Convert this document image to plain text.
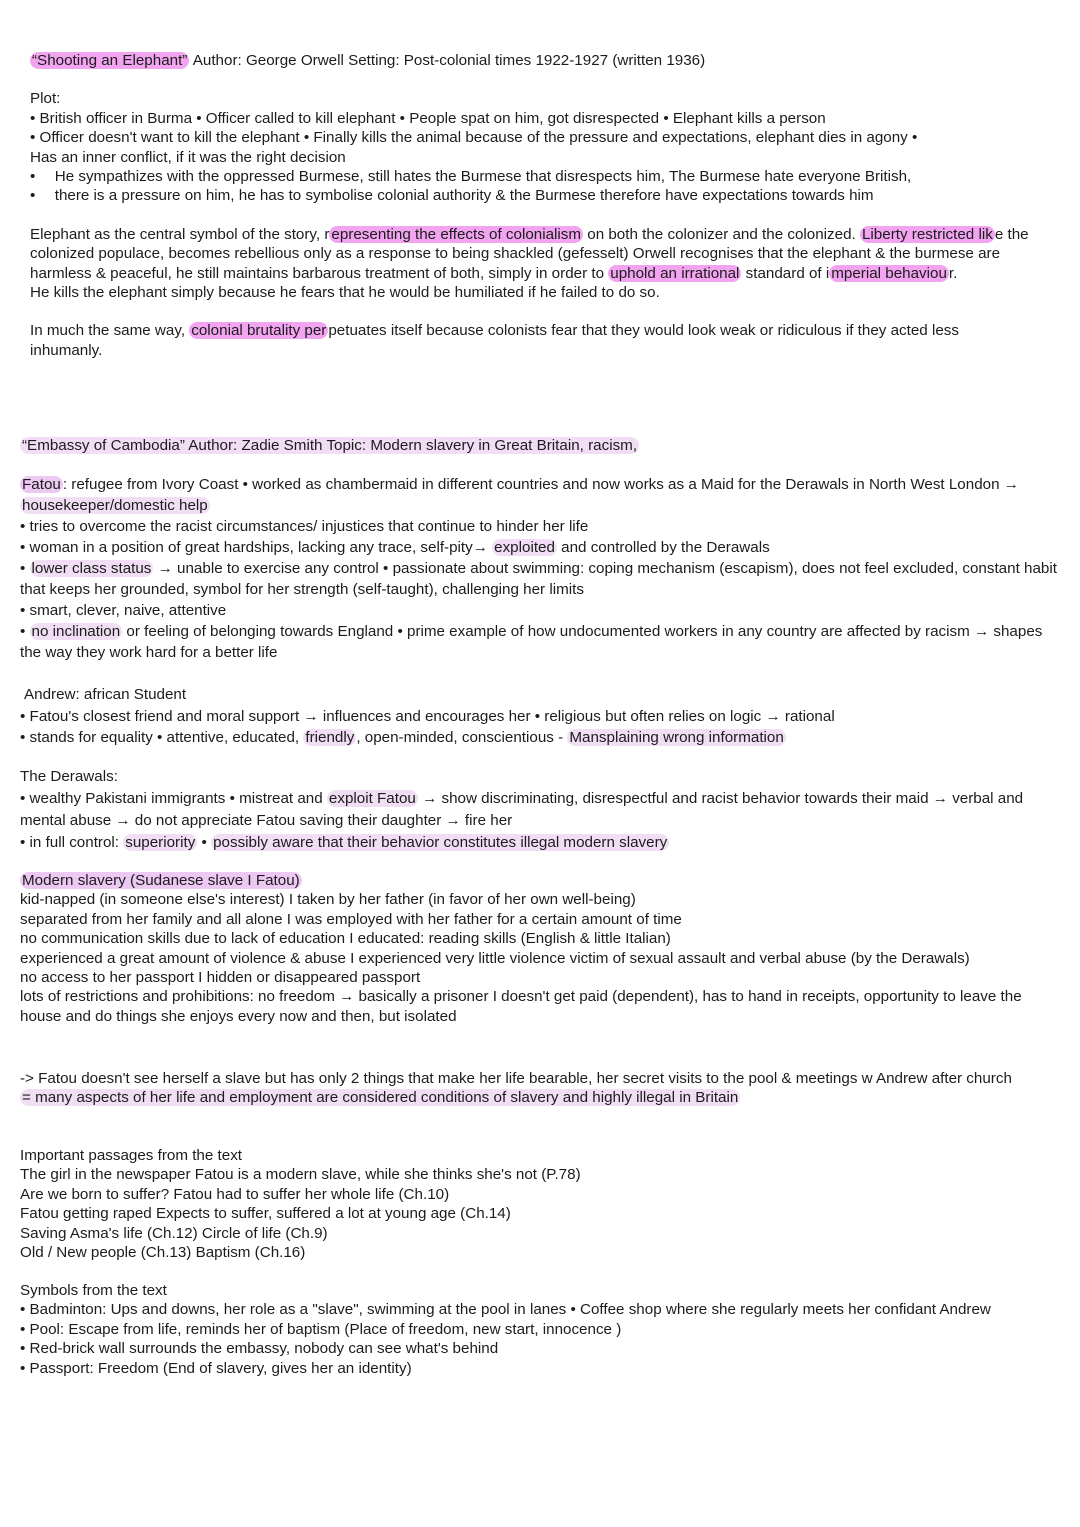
“Shooting an Elephant” Author: George Orwell Setting: Post-colonial times 1922-1927 (written 1936)

Plot:

• British officer in Burma • Officer called to kill elephant • People spat on him, got disrespected • Elephant kills a person

• Officer doesn't want to kill the elephant • Finally kills the animal because of the pressure and expectations, elephant dies in agony •

Has an inner conflict, if it was the right decision

•  He sympathizes with the oppressed Burmese, still hates the Burmese that disrespects him, The Burmese hate everyone British,

•  there is a pressure on him, he has to symbolise colonial authority & the Burmese therefore have expectations towards him

Elephant as the central symbol of the story, r epresenting the effects of colonialism on both the colonizer and the colonized. Liberty restricted lik e the colonized populace, becomes rebellious only as a response to being shackled (gefesselt) Orwell recognises that the elephant & the burmese are harmless & peaceful, he still maintains barbarous treatment of both, simply in order to uphold an irrational standard of i mperial behaviou r.

He kills the elephant simply because he fears that he would be humiliated if he failed to do so.

In much the same way, colonial brutality per petuates itself because colonists fear that they would look weak or ridiculous if they acted less inhumanly.

“Embassy of Cambodia” Author: Zadie Smith Topic: Modern slavery in Great Britain, racism,

Fatou : refugee from Ivory Coast • worked as chambermaid in different countries and now works as a Maid for the Derawals in North West London → housekeeper/domestic help

• tries to overcome the racist circumstances/ injustices that continue to hinder her life

• woman in a position of great hardships, lacking any trace, self-pity→ exploited and controlled by the Derawals

• lower class status → unable to exercise any control • passionate about swimming: coping mechanism (escapism), does not feel excluded, constant habit that keeps her grounded, symbol for her strength (self-taught), challenging her limits

• smart, clever, naive, attentive

• no inclination or feeling of belonging towards England • prime example of how undocumented workers in any country are affected by racism → shapes the way they work hard for a better life

Andrew: african Student

• Fatou's closest friend and moral support → influences and encourages her • religious but often relies on logic → rational

• stands for equality • attentive, educated, friendly , open-minded, conscientious - Mansplaining wrong information

The Derawals:

• wealthy Pakistani immigrants • mistreat and exploit Fatou → show discriminating, disrespectful and racist behavior towards their maid → verbal and mental abuse → do not appreciate Fatou saving their daughter → fire her

• in full control: superiority • possibly aware that their behavior constitutes illegal modern slavery

Modern slavery (Sudanese slave I Fatou)

kid-napped (in someone else's interest) I taken by her father (in favor of her own well-being)

separated from her family and all alone I was employed with her father for a certain amount of time

no communication skills due to lack of education I educated: reading skills (English & little Italian)

experienced a great amount of violence & abuse I experienced very little violence victim of sexual assault and verbal abuse (by the Derawals)

no access to her passport I hidden or disappeared passport

lots of restrictions and prohibitions: no freedom → basically a prisoner I doesn't get paid (dependent), has to hand in receipts, opportunity to leave the house and do things she enjoys every now and then, but isolated

-> Fatou doesn't see herself a slave but has only 2 things that make her life bearable, her secret visits to the pool & meetings w Andrew after church

= many aspects of her life and employment are considered conditions of slavery and highly illegal in Britain

Important passages from the text

The girl in the newspaper Fatou is a modern slave, while she thinks she's not (P.78)

Are we born to suffer? Fatou had to suffer her whole life (Ch.10)

Fatou getting raped Expects to suffer, suffered a lot at young age (Ch.14)

Saving Asma's life (Ch.12) Circle of life (Ch.9)

Old / New people (Ch.13) Baptism (Ch.16)

Symbols from the text

• Badminton: Ups and downs, her role as a "slave", swimming at the pool in lanes • Coffee shop where she regularly meets her confidant Andrew

• Pool: Escape from life, reminds her of baptism (Place of freedom, new start, innocence )

• Red-brick wall surrounds the embassy, nobody can see what's behind

• Passport: Freedom (End of slavery, gives her an identity)
